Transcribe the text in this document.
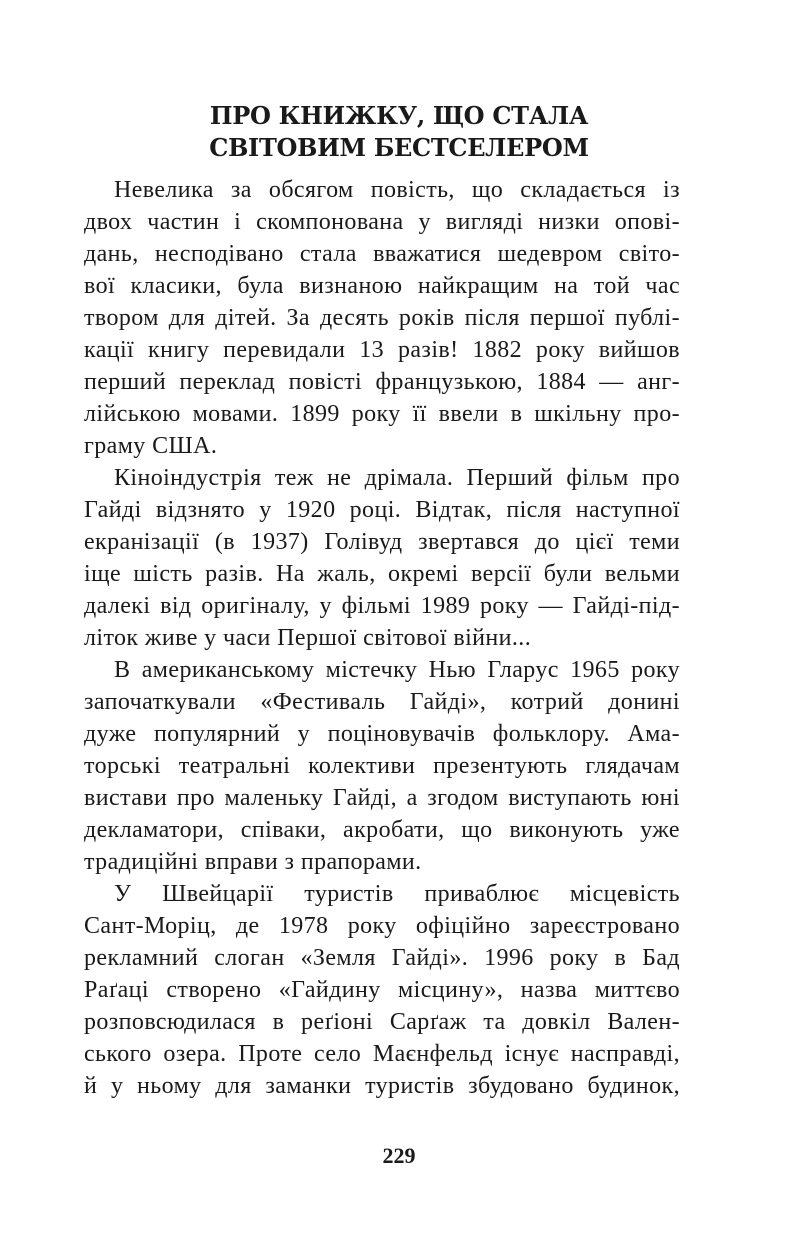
ПРО КНИЖКУ, ЩО СТАЛА
СВІТОВИМ БЕСТСЕЛЕРОМ
Невелика за обсягом повість, що складається із
двох частин і скомпонована у вигляді низки опові-
дань, несподівано стала вважатися шедевром світо-
вої класики, була визнаною найкращим на той час
твором для дітей. За десять років після першої публі-
кації книгу перевидали 13 разів! 1882 року вийшов
перший переклад повісті французькою, 1884 — анг-
лійською мовами. 1899 року її ввели в шкільну про-
граму США.
Кіноіндустрія теж не дрімала. Перший фільм про
Гайді відзнято у 1920 році. Відтак, після наступної
екранізації (в 1937) Голівуд звертався до цієї теми
іще шість разів. На жаль, окремі версії були вельми
далекі від оригіналу, у фільмі 1989 року — Гайді-під-
літок живе у часи Першої світової війни...
В американському містечку Нью Гларус 1965 року
започаткували «Фестиваль Гайді», котрий донині
дуже популярний у поціновувачів фольклору. Ама-
торські театральні колективи презентують глядачам
вистави про маленьку Гайді, а згодом виступають юні
декламатори, співаки, акробати, що виконують уже
традиційні вправи з прапорами.
У Швейцарії туристів приваблює місцевість
Сант-Моріц, де 1978 року офіційно зареєстровано
рекламний слоган «Земля Гайді». 1996 року в Бад
Раґаці створено «Гайдину місцину», назва миттєво
розповсюдилася в реґіоні Сарґаж та довкіл Вален-
ського озера. Проте село Маєнфельд існує насправді,
й у ньому для заманки туристів збудовано будинок,
229
